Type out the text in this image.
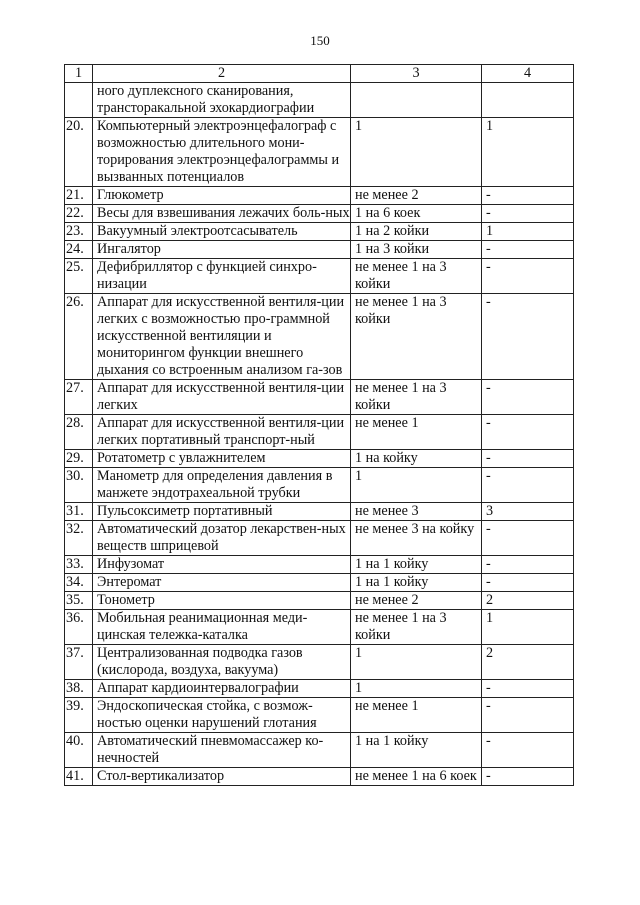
150
1	2	3	4
	ного дуплексного сканирования, трансторакальной эхокардиографии		
20.	Компьютерный электроэнцефалограф с возможностью длительного мони-торирования электроэнцефалограммы и вызванных потенциалов	1	1
21.	Глюкометр	не менее 2	-
22.	Весы для взвешивания лежачих боль-ных	1 на 6 коек	-
23.	Вакуумный электроотсасыватель	1 на 2 койки	1
24.	Ингалятор	1 на 3 койки	-
25.	Дефибриллятор с функцией синхро-низации	не менее 1 на 3 койки	-
26.	Аппарат для искусственной вентиля-ции легких с возможностью про-граммной искусственной вентиляции и мониторингом функции внешнего дыхания со встроенным анализом га-зов	не менее 1 на 3 койки	-
27.	Аппарат для искусственной вентиля-ции легких	не менее 1 на 3 койки	-
28.	Аппарат для искусственной вентиля-ции легких портативный транспорт-ный	не менее 1	-
29.	Ротатометр с увлажнителем	1 на койку	-
30.	Манометр для определения давления в манжете эндотрахеальной трубки	1	-
31.	Пульсоксиметр портативный	не менее 3	3
32.	Автоматический дозатор лекарствен-ных веществ шприцевой	не менее 3 на койку	-
33.	Инфузомат	1 на 1 койку	-
34.	Энтеромат	1 на 1 койку	-
35.	Тонометр	не менее 2	2
36.	Мобильная реанимационная меди-цинская тележка-каталка	не менее 1 на 3 койки	1
37.	Централизованная подводка газов (кислорода, воздуха, вакуума)	1	2
38.	Аппарат кардиоинтервалографии	1	-
39.	Эндоскопическая стойка, с возмож-ностью оценки нарушений глотания	не менее 1	-
40.	Автоматический пневмомассажер ко-нечностей	1 на 1 койку	-
41.	Стол-вертикализатор	не менее 1 на 6 коек	-
